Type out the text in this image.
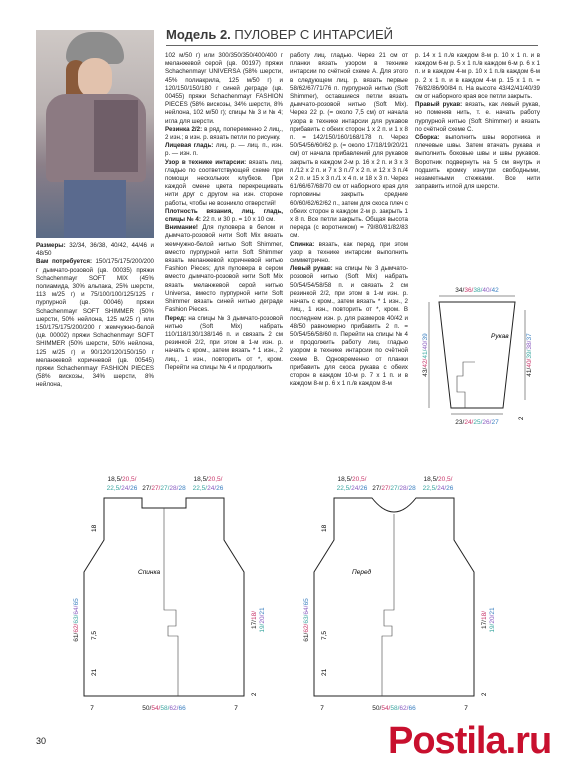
Модель 2. ПУЛОВЕР С ИНТАРСИЕЙ

Размеры: 32/34, 36/38, 40/42, 44/46 и 48/50

Вам потребуется: 150/175/175/200/200 г дымчато-розовой (цв. 00035) пряжи Schachenmayr SOFT MIX (45% полиамида, 30% альпака, 25% шерсти, 113 м/25 г) и 75/100/100/125/125 г пурпурной (цв. 00046) пряжи Schachenmayr SOFT SHIMMER (50% шерсти, 50% нейлона, 125 м/25 г) или 150/175/175/200/200 г жемчужно-белой (цв. 00002) пряжи Schachenmayr SOFT SHIMMER (50% шерсти, 50% нейлона, 125 м/25 г) и 90/120/120/150/150 г меланжевой коричневой (цв. 00545) пряжи Schachenmayr FASHION PIECES (58% вискозы, 34% шерсти, 8% нейлона,

102 м/50 г) или 300/350/350/400/400 г меланжевой серой (цв. 00197) пряжи Schachenmayr UNIVERSA (58% шерсти, 45% полиакрила, 125 м/50 г) и 120/150/150/180 г синей деграде (цв. 00455) пряжи Schachenmayr FASHION PIECES (58% вискозы, 34% шерсти, 8% нейлона, 102 м/50 г); спицы № 3 и № 4; игла для шерсти.

Резинка 2/2: в ряд, попеременно 2 лиц., 2 изн.; в изн. р. вязать петли по рисунку.

Лицевая гладь: лиц. р. — лиц. п., изн. р. — изн. п.

Узор в технике интарсии: вязать лиц. гладью по соответствующей схеме при помощи нескольких клубков. При каждой смене цвета перекрещивать нити друг с другом на изн. стороне работы, чтобы не возникло отверстий!

Плотность вязания, лиц. гладь, спицы № 4: 22 п. и 30 р. = 10 х 10 см.

Внимание! Для пуловера в белом и дымчато-розовой нити Soft Mix вязать жемчужно-белой нитью Soft Shimmer, вместо пурпурной нити Soft Shimmer вязать меланжевой коричневой нитью Fashion Pieces; для пуловера в сером вместо дымчато-розовой нити Soft Mix вязать меланжевой серой нитью Universa, вместо пурпурной нити Soft Shimmer вязать синей нитью деграде Fashion Pieces.

Перед: на спицы № 3 дымчато-розовой нитью (Soft Mix) набрать 110/118/130/138/146 п. и связать 2 см резинкой 2/2, при этом в 1-м изн. р. начать с кром., затем вязать * 1 изн., 2 лиц., 1 изн., повторить от *, кром. Перейти на спицы № 4 и продолжить

работу лиц. гладью. Через 21 см от планки вязать узором в технике интарсии по счётной схеме А. Для этого в следующем лиц. р. вязать первые 58/62/67/71/76 п. пурпурной нитью (Soft Shimmer), оставшиеся петли вязать дымчато-розовой нитью (Soft Mix). Через 22 р. (= около 7,5 см) от начала узора в технике интарсии для рукавов прибавить с обеих сторон 1 х 2 п. и 1 х 8 п. = 142/150/160/168/178 п. Через 50/54/56/60/62 р. (= около 17/18/19/20/21 см) от начала прибавлений для рукавов закрыть в каждом 2-м р. 16 х 2 п. и 3 х 3 п./12 х 2 п. и 7 х 3 п./7 х 2 п. и 12 х 3 п./4 х 2 п. и 15 х 3 п./1 х 4 п. и 18 х 3 п. Через 61/66/67/68/70 см от наборного края для горловины закрыть средние 60/60/62/62/62 п., затем для скоса плеч с обеих сторон в каждом 2-м р. закрыть 1 х 8 п. Все петли закрыть. Общая высота переда (с воротником) = 79/80/81/82/83 см.

Спинка: вязать, как перед, при этом узор в технике интарсии выполнить симметрично.

Левый рукав: на спицы № 3 дымчато-розовой нитью (Soft Mix) набрать 50/54/54/58/58 п. и связать 2 см резинкой 2/2, при этом в 1-м изн. р. начать с кром., затем вязать * 1 изн., 2 лиц., 1 изн., повторить от *, кром. В последнем изн. р. для размеров 40/42 и 48/50 равномерно прибавить 2 п. = 50/54/56/58/60 п. Перейти на спицы № 4 и продолжить работу лиц. гладью узором в технике интарсии по счётной схеме В. Одновременно от планки прибавить для скоса рукава с обеих сторон в каждом 10-м р. 7 х 1 п. и в каждом 8-м р. 6 х 1 п./в каждом 8-м

р. 14 х 1 п./в каждом 8-м р. 10 х 1 п. и в каждом 6-м р. 5 х 1 п./в каждом 6-м р. 6 х 1 п. и в каждом 4-м р. 10 х 1 п./в каждом 6-м р. 2 х 1 п. и в каждом 4-м р. 15 х 1 п. = 76/82/86/90/84 п. На высоте 43/42/41/40/39 см от наборного края все петли закрыть.

Правый рукав: вязать, как левый рукав, но поменяв нить, т. е. начать работу пурпурной нитью (Soft Shimmer) и вязать по счётной схеме С.

Сборка: выполнить швы воротника и плечевые швы. Затем втачать рукава и выполнить боковые швы и швы рукавов. Воротник подвернуть на 5 см внутрь и подшить кромку изнутри свободными, незаметными стежками. Все нити заправить иглой для шерсти.

34/36/38/40/42
23/24/25/26/27
43/42/41/40/39
41/40/39/38/37
Рукав
2
18,5/20,5/
22,5/24/26 27/27/27/28/28
18,5/20,5/
22,5/24/26
18
7,5
21
61/62/63/64/65
17/18/
19/20/21
2
7	50/54/58/62/66	7
Спинка
18,5/20,5/
22,5/24/26 27/27/27/28/28
18,5/20,5/
22,5/24/26
18
7,5
21
61/62/63/64/65
17/18/
19/20/21
2
7	50/54/58/62/66	7
Перед
30	Postila.ru
